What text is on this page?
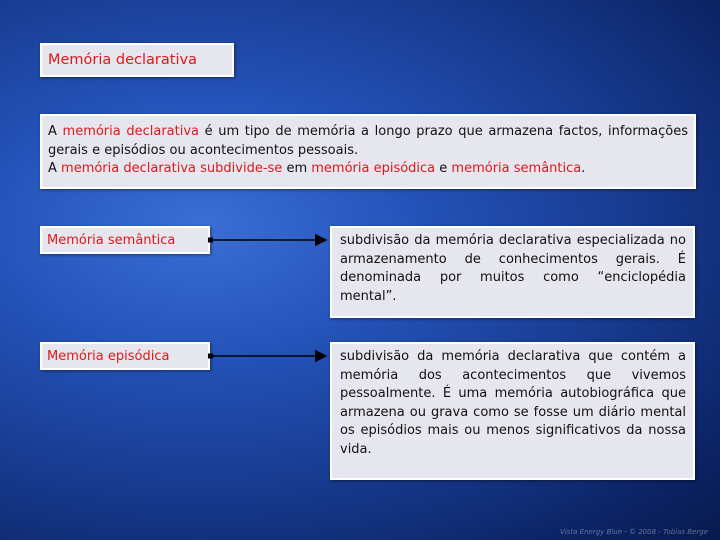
Memória declarativa
A memória declarativa é um tipo de memória a longo prazo que armazena factos, informações gerais e episódios ou acontecimentos pessoais.
A memória declarativa subdivide-se em memória episódica e memória semântica.
Memória semântica	subdivisão da memória declarativa especializada no armazenamento de conhecimentos gerais. É denominada por muitos como “enciclopédia mental”.
Memória episódica	subdivisão da memória declarativa que contém a memória dos acontecimentos que vivemos pessoalmente. É uma memória autobiográfica que armazena ou grava como se fosse um diário mental os episódios mais ou menos significativos da nossa vida.
Vista Energy Blue - © 2008 - Tobias Berge
